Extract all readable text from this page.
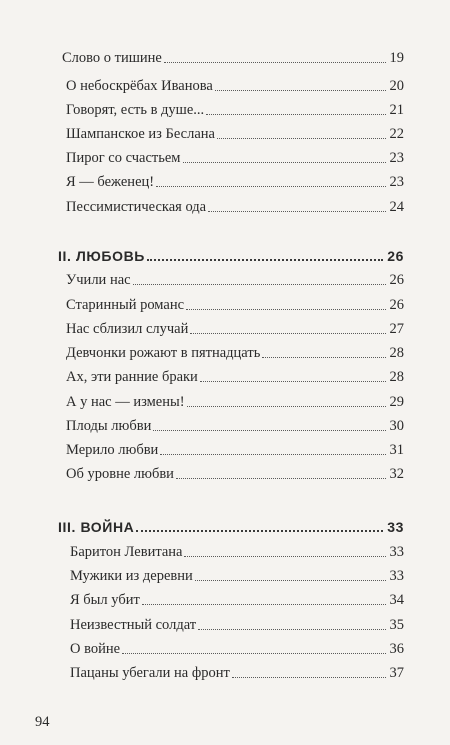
Слово о тишине	19
О небоскрёбах Иванова	20
Говорят, есть в душе...	21
Шампанское из Беслана	22
Пирог со счастьем	23
Я — беженец!	23
Пессимистическая ода	24
II. ЛЮБОВЬ	26
Учили нас	26
Старинный романс	26
Нас сблизил случай	27
Девчонки рожают в пятнадцать	28
Ах, эти ранние браки	28
А у нас — измены!	29
Плоды любви	30
Мерило любви	31
Об уровне любви	32
III. ВОЙНА	33
Баритон Левитана	33
Мужики из деревни	33
Я был убит	34
Неизвестный солдат	35
О войне	36
Пацаны убегали на фронт	37
94
